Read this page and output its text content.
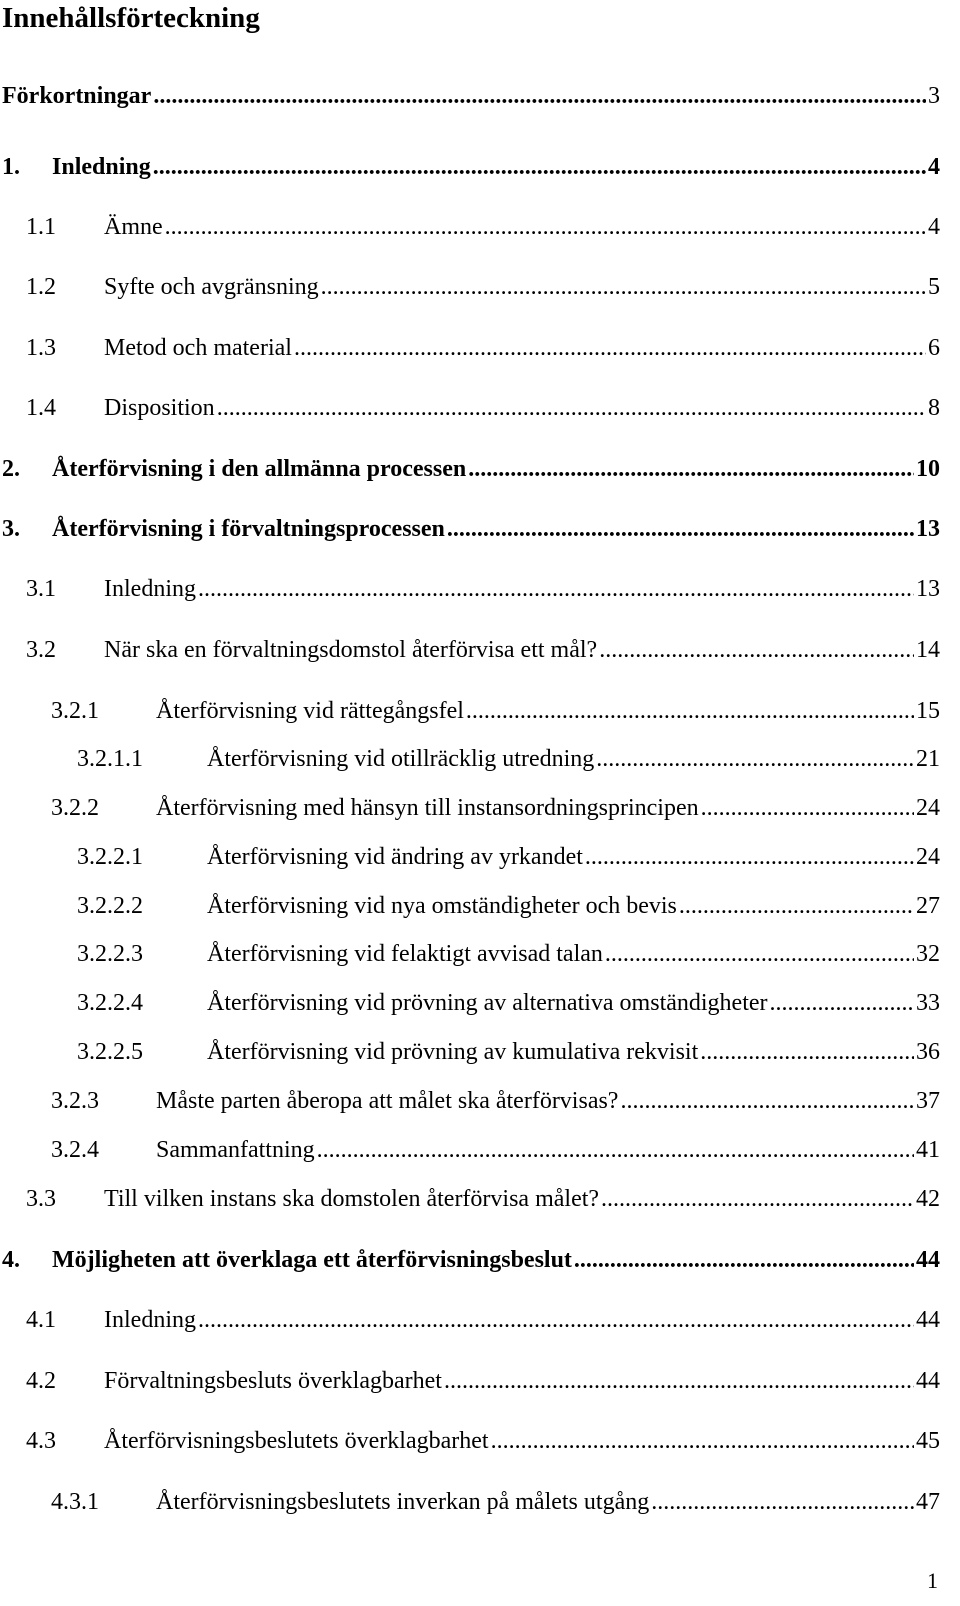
Innehållsförteckning
Förkortningar .....	3
1.	Inledning .....	4
1.1	Ämne .....	4
1.2	Syfte och avgränsning .....	5
1.3	Metod och material .....	6
1.4	Disposition .....	8
2.	Återförvisning i den allmänna processen .....	10
3.	Återförvisning i förvaltningsprocessen .....	13
3.1	Inledning .....	13
3.2	När ska en förvaltningsdomstol återförvisa ett mål? .....	14
3.2.1	Återförvisning vid rättegångsfel .....	15
3.2.1.1	Återförvisning vid otillräcklig utredning .....	21
3.2.2	Återförvisning med hänsyn till instansordningsprincipen .....	24
3.2.2.1	Återförvisning vid ändring av yrkandet .....	24
3.2.2.2	Återförvisning vid nya omständigheter och bevis .....	27
3.2.2.3	Återförvisning vid felaktigt avvisad talan .....	32
3.2.2.4	Återförvisning vid prövning av alternativa omständigheter .....	33
3.2.2.5	Återförvisning vid prövning av kumulativa rekvisit .....	36
3.2.3	Måste parten åberopa att målet ska återförvisas? .....	37
3.2.4	Sammanfattning .....	41
3.3	Till vilken instans ska domstolen återförvisa målet? .....	42
4.	Möjligheten att överklaga ett återförvisningsbeslut .....	44
4.1	Inledning .....	44
4.2	Förvaltningsbesluts överklagbarhet .....	44
4.3	Återförvisningsbeslutets överklagbarhet .....	45
4.3.1	Återförvisningsbeslutets inverkan på målets utgång .....	47
1
